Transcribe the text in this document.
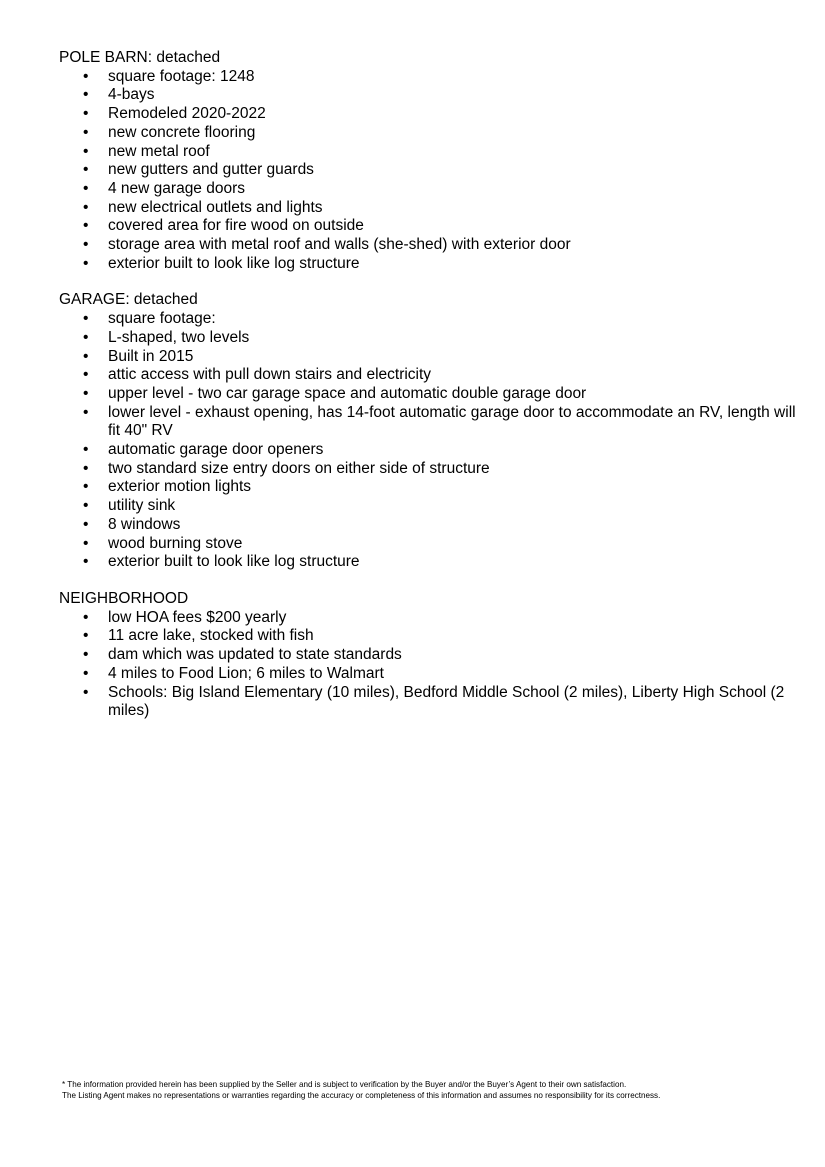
POLE BARN: detached
• square footage: 1248
• 4-bays
• Remodeled 2020-2022
• new concrete flooring
• new metal roof
• new gutters and gutter guards
• 4 new garage doors
• new electrical outlets and lights
• covered area for fire wood on outside
• storage area with metal roof and walls (she-shed) with exterior door
• exterior built to look like log structure
GARAGE: detached
• square footage:
• L-shaped, two levels
• Built in 2015
• attic access with pull down stairs and electricity
• upper level - two car garage space and automatic double garage door
• lower level - exhaust opening, has 14-foot automatic garage door to accommodate an RV, length will fit 40" RV
• automatic garage door openers
• two standard size entry doors on either side of structure
• exterior motion lights
• utility sink
• 8 windows
• wood burning stove
• exterior built to look like log structure
NEIGHBORHOOD
• low HOA fees $200 yearly
• 11 acre lake, stocked with fish
• dam which was updated to state standards
• 4 miles to Food Lion; 6 miles to Walmart
• Schools: Big Island Elementary (10 miles), Bedford Middle School (2 miles), Liberty High School (2 miles)
* The information provided herein has been supplied by the Seller and is subject to verification by the Buyer and/or the Buyer’s Agent to their own satisfaction.
The Listing Agent makes no representations or warranties regarding the accuracy or completeness of this information and assumes no responsibility for its correctness.
